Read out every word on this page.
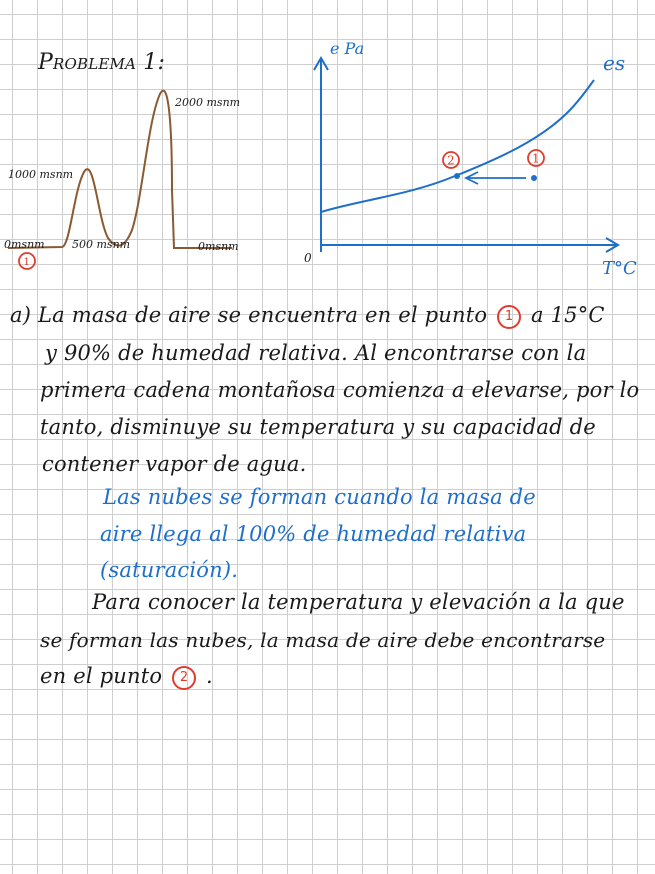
Problema 1:
2000 msnm
1000 msnm
0msnm 500 msnm	0msnm
1
e Pa
T°C
0
es
2	1
a) La masa de aire se encuentra en el punto 1 a 15°C
y 90% de humedad relativa. Al encontrarse con la
primera cadena montañosa comienza a elevarse, por lo
tanto, disminuye su temperatura y su capacidad de
contener vapor de agua.
Las nubes se forman cuando la masa de
aire llega al 100% de humedad relativa
(saturación).
Para conocer la temperatura y elevación a la que
se forman las nubes, la masa de aire debe encontrarse
en el punto 2 .
